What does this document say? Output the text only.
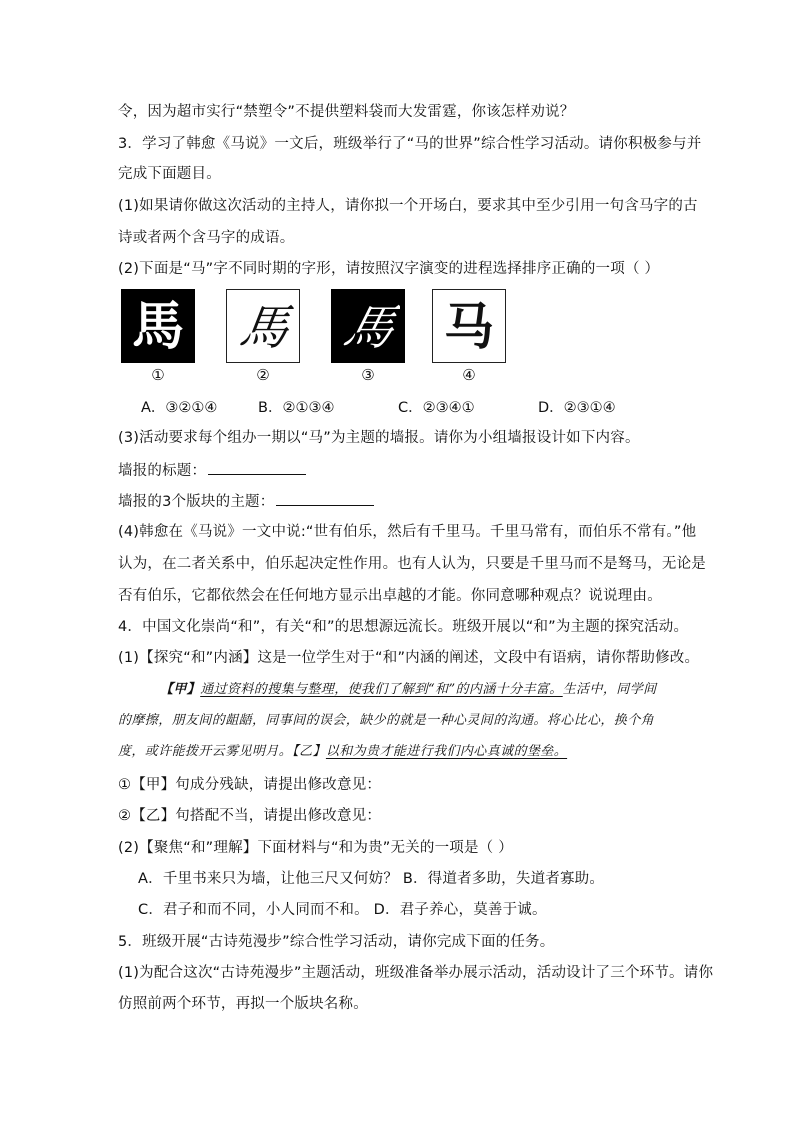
令，因为超市实行“禁塑令”不提供塑料袋而大发雷霆，你该怎样劝说？
3．学习了韩愈《马说》一文后，班级举行了“马的世界”综合性学习活动。请你积极参与并
完成下面题目。
(1)如果请你做这次活动的主持人，请你拟一个开场白，要求其中至少引用一句含马字的古
诗或者两个含马字的成语。
(2)下面是“马”字不同时期的字形，请按照汉字演变的进程选择排序正确的一项（ ）
馬 馬 馬 马
①	②	③	④
A．③②①④	B．②①③④	C．②③④①	D．②③①④
(3)活动要求每个组办一期以“马”为主题的墙报。请你为小组墙报设计如下内容。
墙报的标题：
墙报的3个版块的主题：
(4)韩愈在《马说》一文中说:“世有伯乐，然后有千里马。千里马常有，而伯乐不常有。”他
认为，在二者关系中，伯乐起决定性作用。也有人认为，只要是千里马而不是驽马，无论是
否有伯乐，它都依然会在任何地方显示出卓越的才能。你同意哪种观点？说说理由。
4．中国文化崇尚“和”，有关“和”的思想源远流长。班级开展以“和”为主题的探究活动。
(1)【探究“和”内涵】这是一位学生对于“和”内涵的阐述，文段中有语病，请你帮助修改。
【甲】通过资料的搜集与整理，使我们了解到“和”的内涵十分丰富。生活中，同学间
的摩擦，朋友间的龃龉，同事间的误会，缺少的就是一种心灵间的沟通。将心比心，换个角
度，或许能拨开云雾见明月。【乙】以和为贵才能进行我们内心真诚的堡垒。
①【甲】句成分残缺，请提出修改意见：
②【乙】句搭配不当，请提出修改意见：
(2)【聚焦“和”理解】下面材料与“和为贵”无关的一项是（ ）
A．千里书来只为墙，让他三尺又何妨？ B．得道者多助，失道者寡助。
C．君子和而不同，小人同而不和。 D．君子养心，莫善于诚。
5．班级开展“古诗苑漫步”综合性学习活动，请你完成下面的任务。
(1)为配合这次“古诗苑漫步”主题活动，班级准备举办展示活动，活动设计了三个环节。请你
仿照前两个环节，再拟一个版块名称。
